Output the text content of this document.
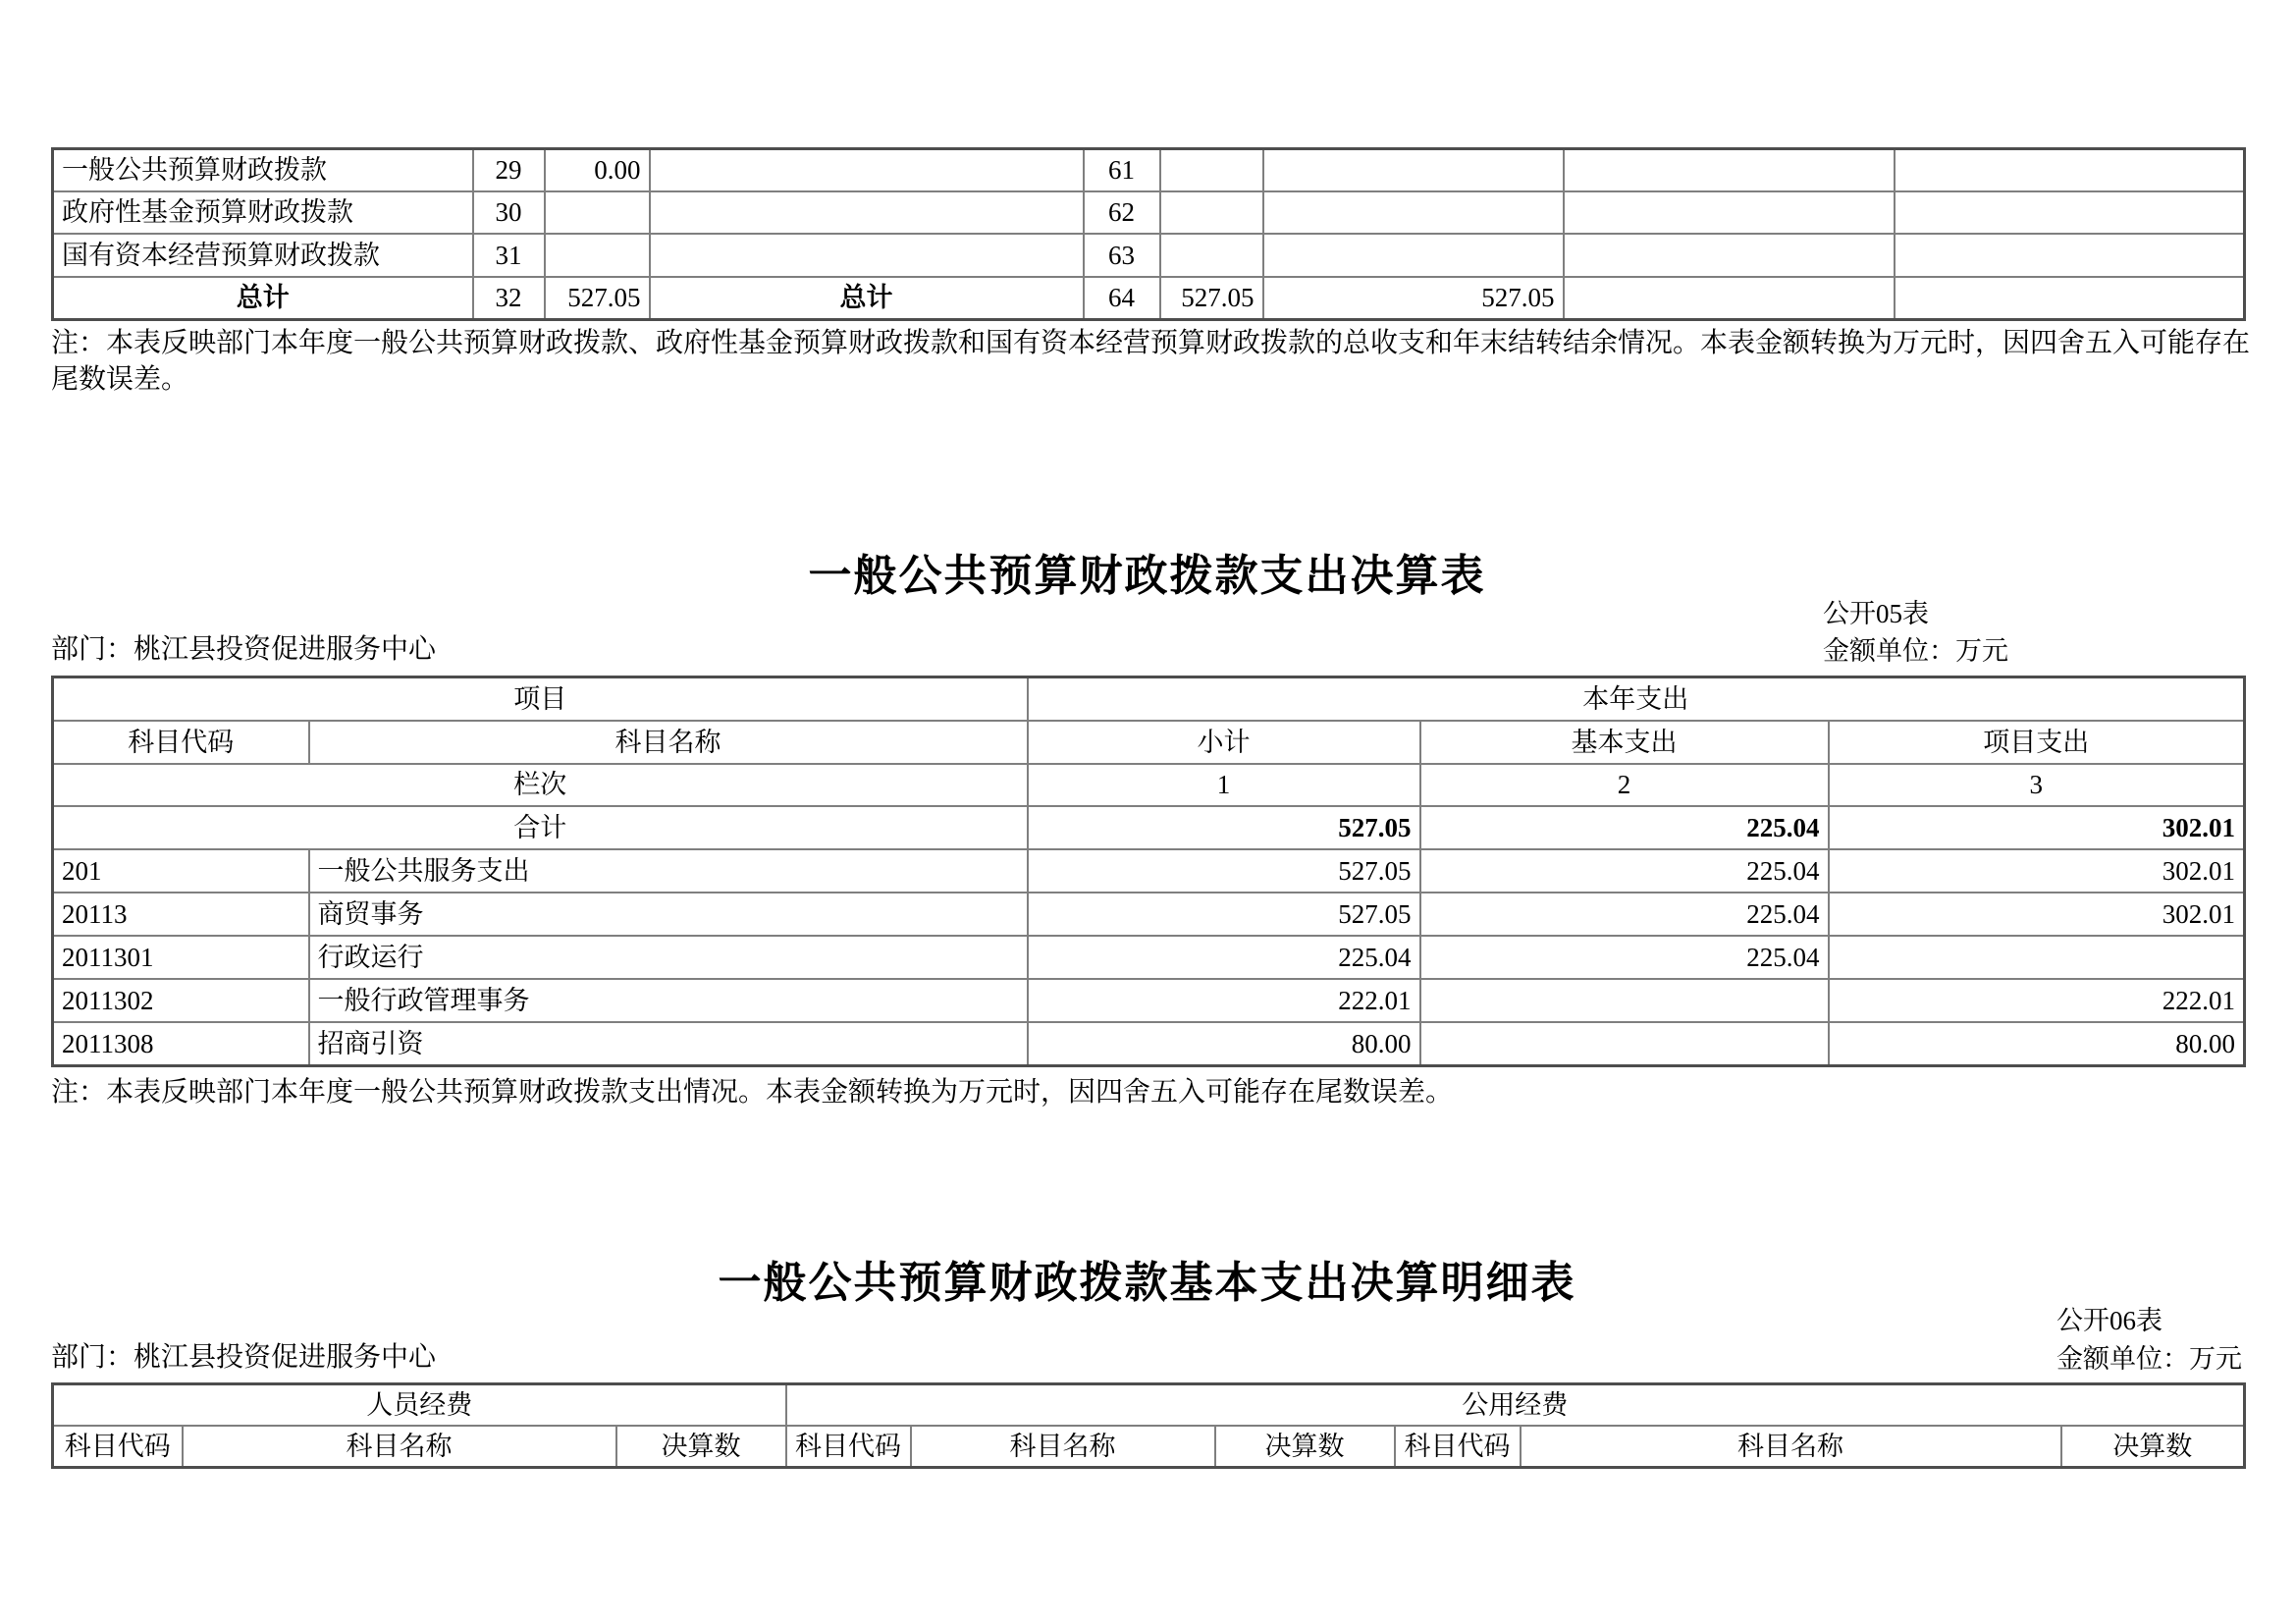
一般公共预算财政拨款	29	0.00		61				
政府性基金预算财政拨款	30			62				
国有资本经营预算财政拨款	31			63				
总计	32	527.05	总计	64	527.05	527.05		
注：本表反映部门本年度一般公共预算财政拨款、政府性基金预算财政拨款和国有资本经营预算财政拨款的总收支和年末结转结余情况。本表金额转换为万元时，因四舍五入可能存在尾数误差。
一般公共预算财政拨款支出决算表
公开05表
部门：桃江县投资促进服务中心	金额单位：万元
项目		本年支出		
科目代码	科目名称	小计	基本支出	项目支出
栏次		1	2	3
合计		527.05	225.04	302.01
201	一般公共服务支出	527.05	225.04	302.01
20113	商贸事务	527.05	225.04	302.01
2011301	行政运行	225.04	225.04	
2011302	一般行政管理事务	222.01		222.01
2011308	招商引资	80.00		80.00
注：本表反映部门本年度一般公共预算财政拨款支出情况。本表金额转换为万元时，因四舍五入可能存在尾数误差。
一般公共预算财政拨款基本支出决算明细表
公开06表
部门：桃江县投资促进服务中心	金额单位：万元
人员经费			公用经费					
科目代码	科目名称	决算数	科目代码	科目名称	决算数	科目代码	科目名称	决算数
